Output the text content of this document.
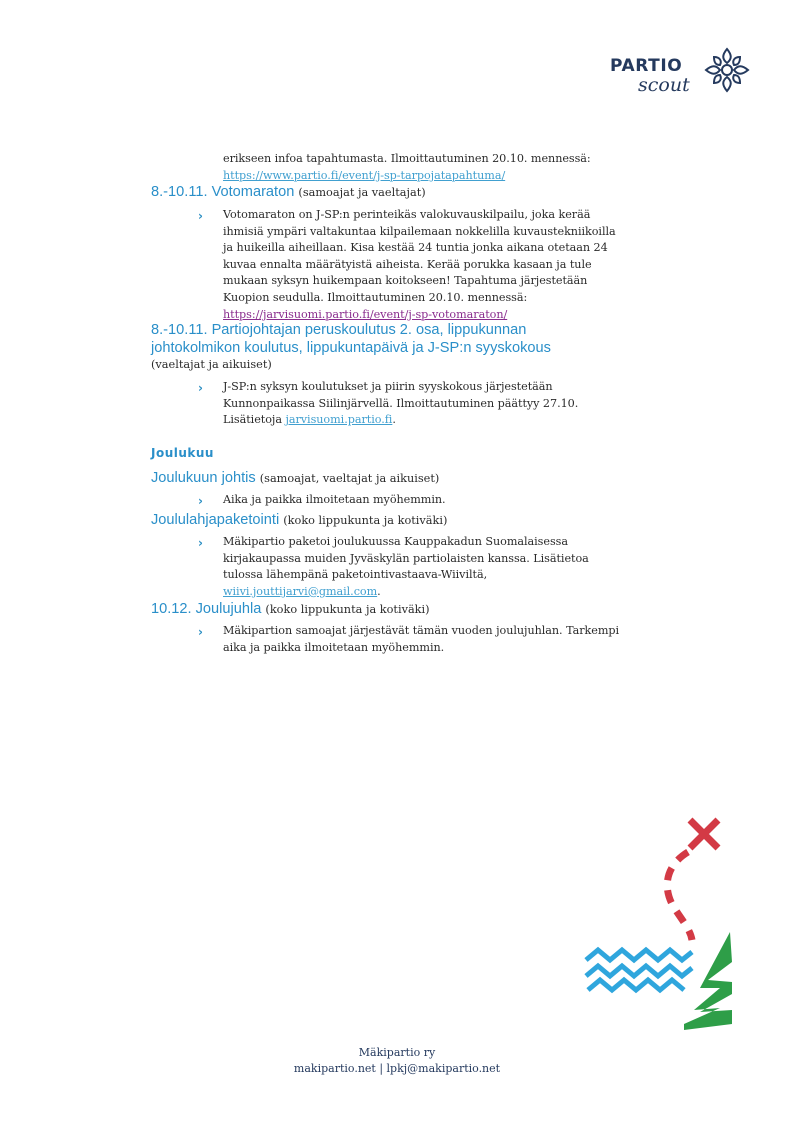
PARTIO
scout
erikseen infoa tapahtumasta. Ilmoittautuminen 20.10. mennessä:
https://www.partio.fi/event/j-sp-tarpojatapahtuma/
8.-10.11. Votomaraton (samoajat ja vaeltajat)
›	Votomaraton on J-SP:n perinteikäs valokuvauskilpailu, joka kerää
ihmisiä ympäri valtakuntaa kilpailemaan nokkelilla kuvaustekniikoilla
ja huikeilla aiheillaan. Kisa kestää 24 tuntia jonka aikana otetaan 24
kuvaa ennalta määrätyistä aiheista. Kerää porukka kasaan ja tule
mukaan syksyn huikempaan koitokseen! Tapahtuma järjestetään
Kuopion seudulla. Ilmoittautuminen 20.10. mennessä:
https://jarvisuomi.partio.fi/event/j-sp-votomaraton/
8.-10.11. Partiojohtajan peruskoulutus 2. osa, lippukunnan
johtokolmikon koulutus, lippukuntapäivä ja J-SP:n syyskokous
(vaeltajat ja aikuiset)
›	J-SP:n syksyn koulutukset ja piirin syyskokous järjestetään
Kunnonpaikassa Siilinjärvellä. Ilmoittautuminen päättyy 27.10.
Lisätietoja jarvisuomi.partio.fi.
Joulukuu
Joulukuun johtis (samoajat, vaeltajat ja aikuiset)
›	Aika ja paikka ilmoitetaan myöhemmin.
Joululahjapaketointi (koko lippukunta ja kotiväki)
›	Mäkipartio paketoi joulukuussa Kauppakadun Suomalaisessa
kirjakaupassa muiden Jyväskylän partiolaisten kanssa. Lisätietoa
tulossa lähempänä paketointivastaava-Wiiviltä,
wiivi.jouttijarvi@gmail.com.
10.12. Joulujuhla (koko lippukunta ja kotiväki)
›	Mäkipartion samoajat järjestävät tämän vuoden joulujuhlan. Tarkempi
aika ja paikka ilmoitetaan myöhemmin.
Mäkipartio ry
makipartio.net | lpkj@makipartio.net
